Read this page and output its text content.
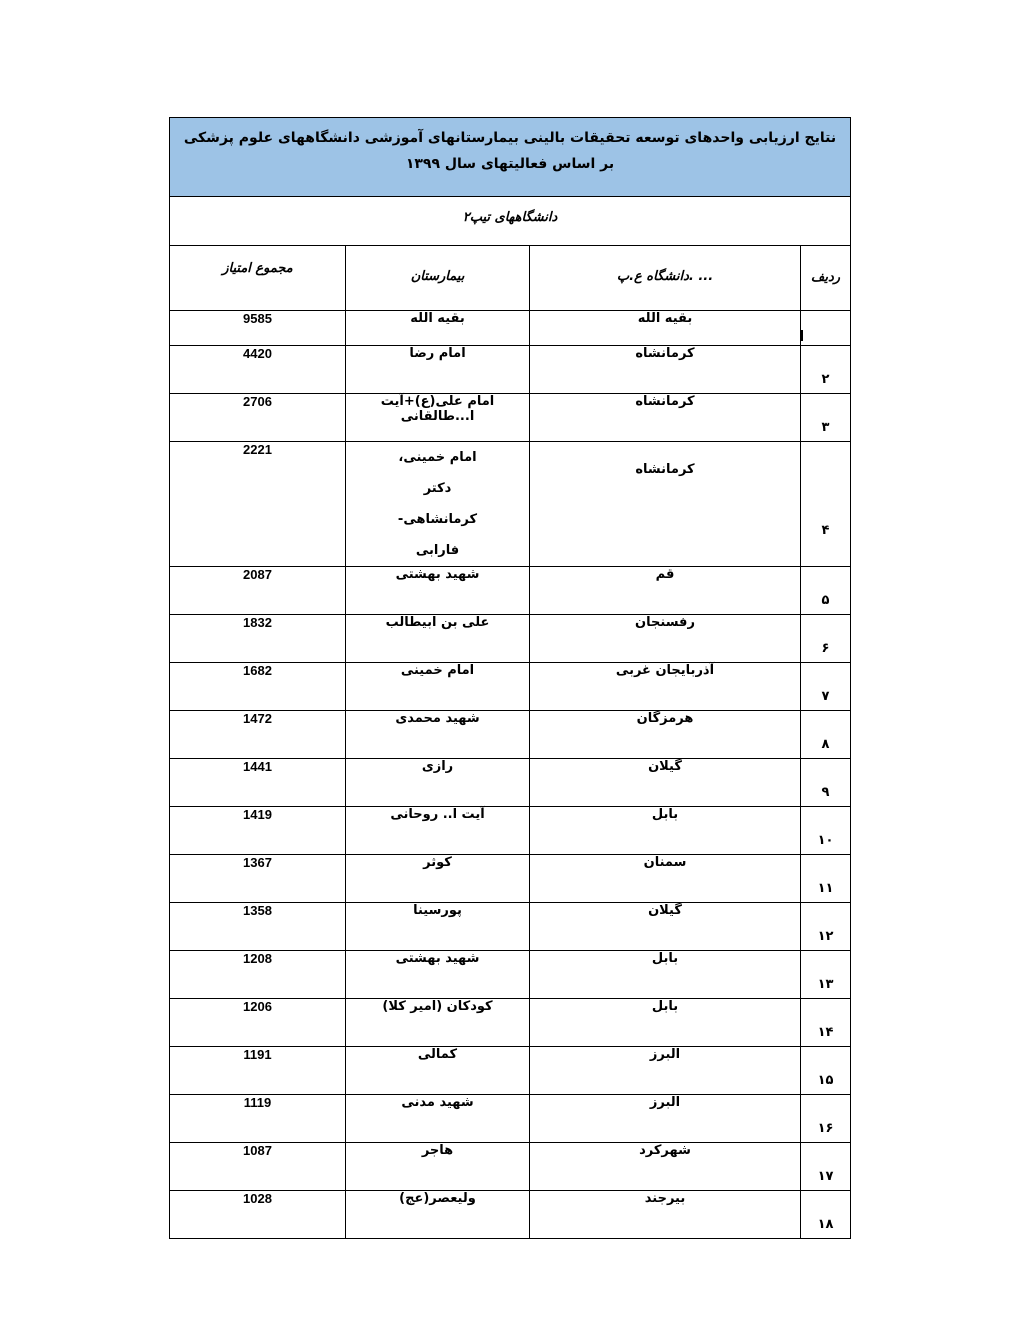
نتایج ارزیابی واحدهای توسعه تحقیقات بالینی بیمارستانهای آموزشی دانشگاههای علوم پزشکی
بر اساس فعالیتهای سال ۱۳۹۹			

دانشگاههای تیپ۲			
مجموع امتیاز	بیمارستان	دانشگاه ع.پ. ...	ردیف
9585	بقیه الله	بقیه الله	
4420	امام رضا	کرمانشاه	۲
2706	امام علی(ع)+آیت ا...طالقانی	کرمانشاه	۳
2221	امام خمینی، دکتر کرمانشاهی- فارابی	کرمانشاه	۴
2087	شهید بهشتی	قم	۵
1832	علی بن ابیطالب	رفسنجان	۶
1682	امام خمینی	آذربایجان غربی	۷
1472	شهید محمدی	هرمزگان	۸
1441	رازی	گیلان	۹
1419	آیت ا.. روحانی	بابل	۱۰
1367	کوثر	سمنان	۱۱
1358	پورسینا	گیلان	۱۲
1208	شهید بهشتی	بابل	۱۳
1206	کودکان (امیر کلا)	بابل	۱۴
1191	کمالی	البرز	۱۵
1119	شهید مدنی	البرز	۱۶
1087	هاجر	شهرکرد	۱۷
1028	ولیعصر(عج)	بیرجند	۱۸
